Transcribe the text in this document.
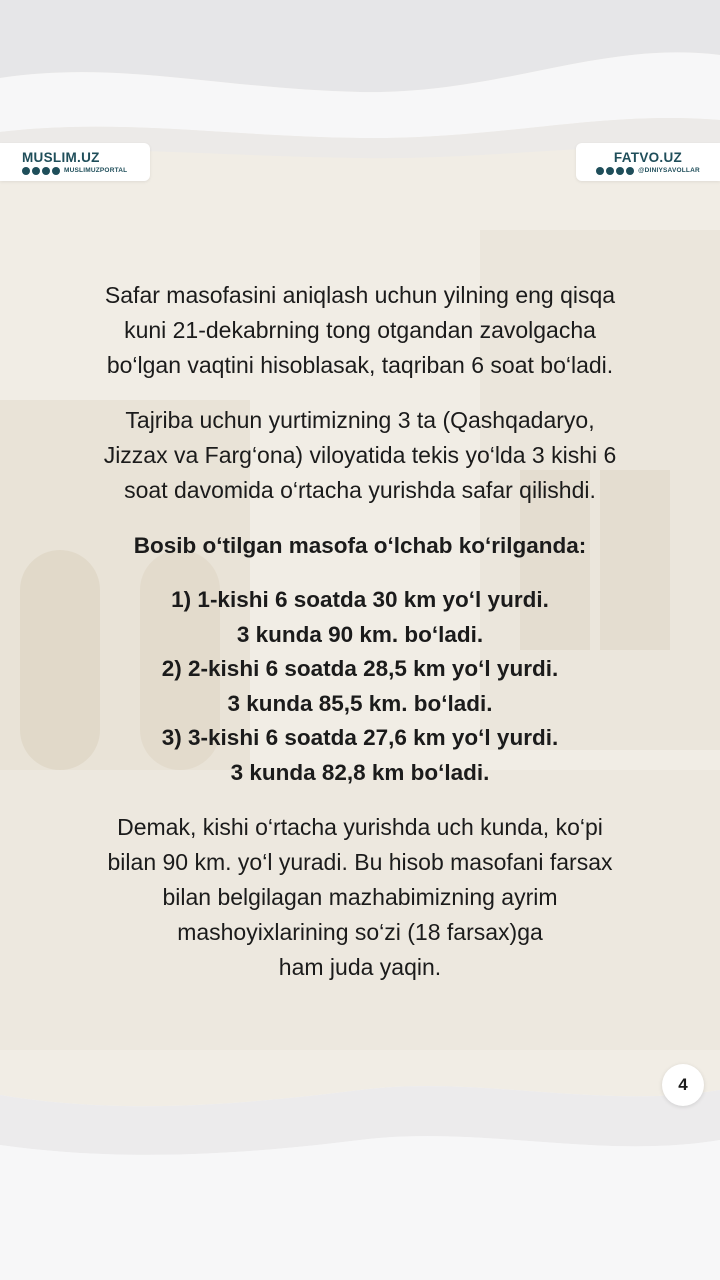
MUSLIM.UZ
MUSLIMUZPORTAL
FATVO.UZ
@DINIYSAVOLLAR

Safar masofasini aniqlash uchun yilning eng qisqa
kuni 21-dekabrning tong otgandan zavolgacha
bo‘lgan vaqtini hisoblasak, taqriban 6 soat bo‘ladi.

Tajriba uchun yurtimizning 3 ta (Qashqadaryo,
Jizzax va Farg‘ona) viloyatida tekis yo‘lda 3 kishi 6
soat davomida o‘rtacha yurishda safar qilishdi.

Bosib o‘tilgan masofa o‘lchab ko‘rilganda:

1) 1-kishi 6 soatda 30 km yo‘l yurdi.
3 kunda 90 km. bo‘ladi.
2) 2-kishi 6 soatda 28,5 km yo‘l yurdi.
3 kunda 85,5 km. bo‘ladi.
3) 3-kishi 6 soatda 27,6 km yo‘l yurdi.
3 kunda 82,8 km bo‘ladi.

Demak, kishi o‘rtacha yurishda uch kunda, ko‘pi
bilan 90 km. yo‘l yuradi. Bu hisob masofani farsax
bilan belgilagan mazhabimizning ayrim
mashoyixlarining so‘zi (18 farsax)ga
ham juda yaqin.

4
